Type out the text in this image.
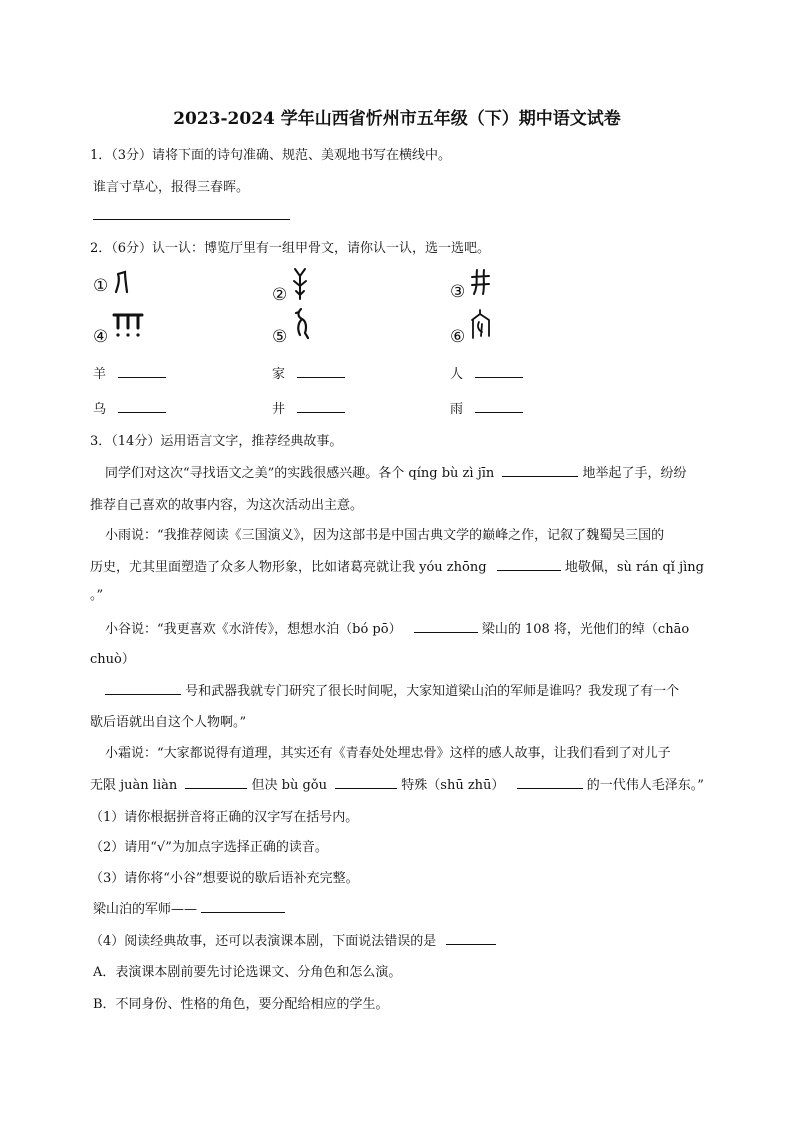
2023-2024 学年山西省忻州市五年级（下）期中语文试卷
1．（3分）请将下面的诗句准确、规范、美观地书写在横线中。
谁言寸草心，报得三春晖。
2．（6分）认一认：博览厅里有一组甲骨文，请你认一认，选一选吧。
①	②	③
④	⑤	⑥
羊	家	人
乌	井	雨
3．（14分）运用语言文字，推荐经典故事。
同学们对这次“寻找语文之美”的实践很感兴趣。各个 qíng bù zì jīn	地举起了手，纷纷
推荐自己喜欢的故事内容，为这次活动出主意。
小雨说：“我推荐阅读《三国演义》，因为这部书是中国古典文学的巅峰之作，记叙了魏蜀吴三国的
历史，尤其里面塑造了众多人物形象，比如诸葛亮就让我 yóu zhōng	地敬佩，sù rán qǐ jìng
。”
小谷说：“我更喜欢《水浒传》，想想水泊（bó pō）	梁山的 108 将，光他们的绰（chāo
chuò）
号和武器我就专门研究了很长时间呢，大家知道梁山泊的军师是谁吗？我发现了有一个
歇后语就出自这个人物啊。”
小霜说：“大家都说得有道理，其实还有《青春处处埋忠骨》这样的感人故事，让我们看到了对儿子
无限 juàn liàn	但决 bù gǒu	特殊（shū zhū）	的一代伟人毛泽东。”
（1）请你根据拼音将正确的汉字写在括号内。
（2）请用“√”为加点字选择正确的读音。
（3）请你将“小谷”想要说的歇后语补充完整。
梁山泊的军师——
（4）阅读经典故事，还可以表演课本剧，下面说法错误的是
A．表演课本剧前要先讨论选课文、分角色和怎么演。
B．不同身份、性格的角色，要分配给相应的学生。
